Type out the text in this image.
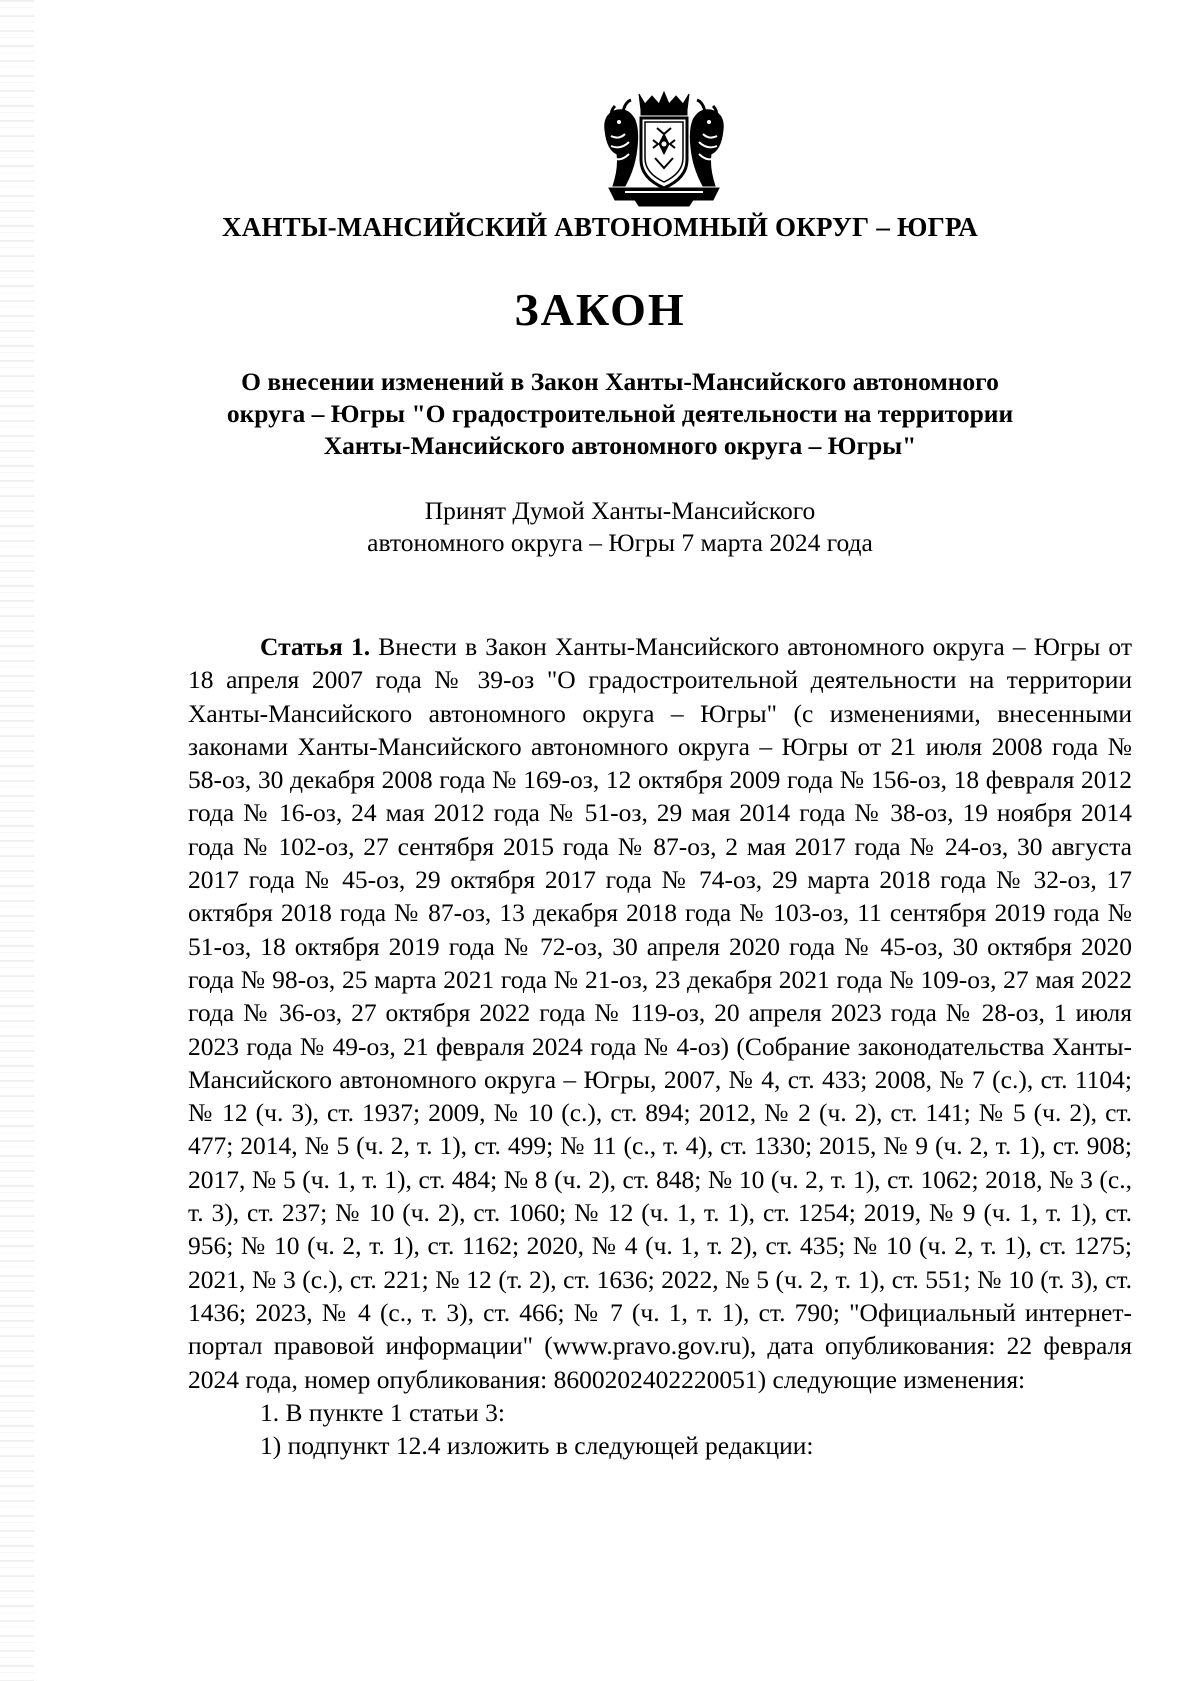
ХАНТЫ-МАНСИЙСКИЙ АВТОНОМНЫЙ ОКРУГ – ЮГРА
ЗАКОН
О внесении изменений в Закон Ханты-Мансийского автономного
округа – Югры "О градостроительной деятельности на территории
Ханты-Мансийского автономного округа – Югры"
Принят Думой Ханты-Мансийского
автономного округа – Югры 7 марта 2024 года

Статья 1. Внести в Закон Ханты-Мансийского автономного округа – Югры от 18 апреля 2007 года № 39-оз "О градостроительной деятельности на территории Ханты-Мансийского автономного округа – Югры" (с изменениями, внесенными законами Ханты-Мансийского автономного округа – Югры от 21 июля 2008 года № 58-оз, 30 декабря 2008 года № 169-оз, 12 октября 2009 года № 156-оз, 18 февраля 2012 года № 16-оз, 24 мая 2012 года № 51-оз, 29 мая 2014 года № 38-оз, 19 ноября 2014 года № 102-оз, 27 сентября 2015 года № 87-оз, 2 мая 2017 года № 24-оз, 30 августа 2017 года № 45-оз, 29 октября 2017 года № 74-оз, 29 марта 2018 года № 32-оз, 17 октября 2018 года № 87-оз, 13 декабря 2018 года № 103-оз, 11 сентября 2019 года № 51-оз, 18 октября 2019 года № 72-оз, 30 апреля 2020 года № 45-оз, 30 октября 2020 года № 98-оз, 25 марта 2021 года № 21-оз, 23 декабря 2021 года № 109-оз, 27 мая 2022 года № 36-оз, 27 октября 2022 года № 119-оз, 20 апреля 2023 года № 28-оз, 1 июля 2023 года № 49-оз, 21 февраля 2024 года № 4-оз) (Собрание законодательства Ханты-Мансийского автономного округа – Югры, 2007, № 4, ст. 433; 2008, № 7 (с.), ст. 1104; № 12 (ч. 3), ст. 1937; 2009, № 10 (с.), ст. 894; 2012, № 2 (ч. 2), ст. 141; № 5 (ч. 2), ст. 477; 2014, № 5 (ч. 2, т. 1), ст. 499; № 11 (с., т. 4), ст. 1330; 2015, № 9 (ч. 2, т. 1), ст. 908; 2017, № 5 (ч. 1, т. 1), ст. 484; № 8 (ч. 2), ст. 848; № 10 (ч. 2, т. 1), ст. 1062; 2018, № 3 (с., т. 3), ст. 237; № 10 (ч. 2), ст. 1060; № 12 (ч. 1, т. 1), ст. 1254; 2019, № 9 (ч. 1, т. 1), ст. 956; № 10 (ч. 2, т. 1), ст. 1162; 2020, № 4 (ч. 1, т. 2), ст. 435; № 10 (ч. 2, т. 1), ст. 1275; 2021, № 3 (с.), ст. 221; № 12 (т. 2), ст. 1636; 2022, № 5 (ч. 2, т. 1), ст. 551; № 10 (т. 3), ст. 1436; 2023, № 4 (с., т. 3), ст. 466; № 7 (ч. 1, т. 1), ст. 790; "Официальный интернет-портал правовой информации" (www.pravo.gov.ru), дата опубликования: 22 февраля 2024 года, номер опубликования: 8600202402220051) следующие изменения:

1. В пункте 1 статьи 3:

1) подпункт 12.4 изложить в следующей редакции:
